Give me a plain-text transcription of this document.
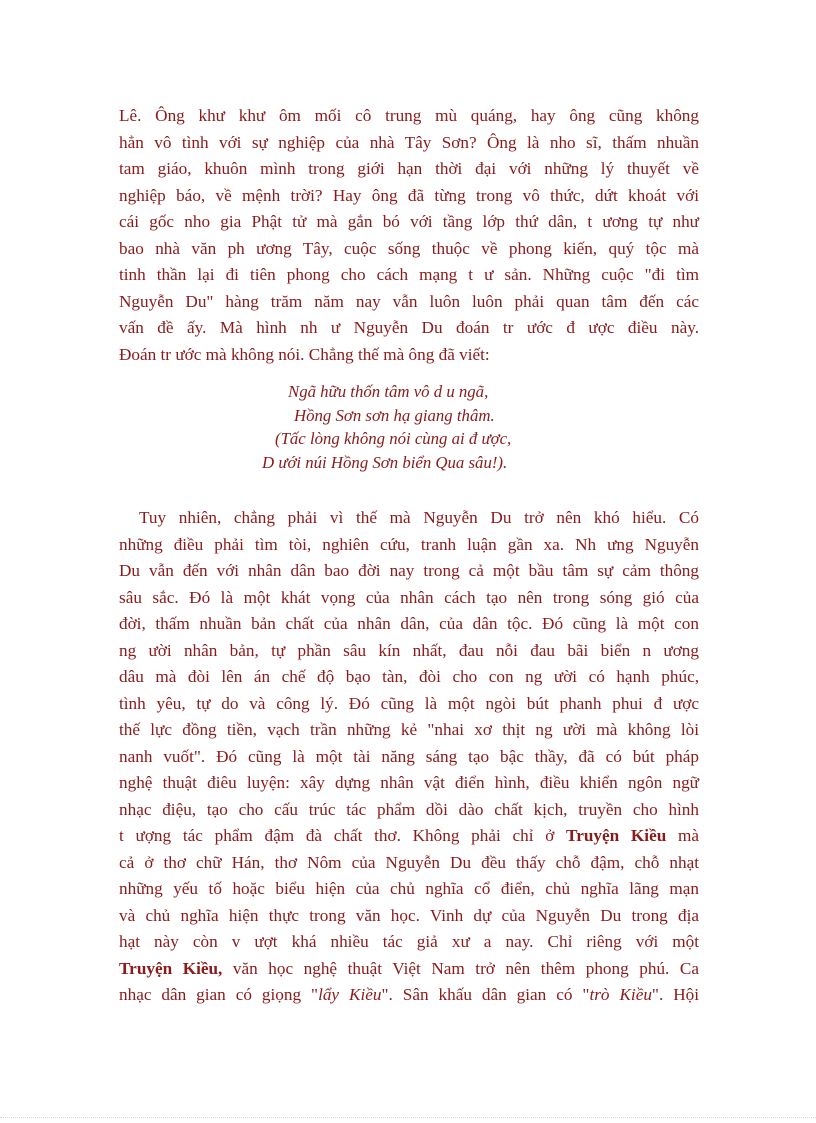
Lê. Ông khư khư ôm mối cô trung mù quáng, hay ông cũng không
hẳn vô tình với sự nghiệp của nhà Tây Sơn? Ông là nho sĩ, thấm nhuần
tam giáo, khuôn mình trong giới hạn thời đại với những lý thuyết về
nghiệp báo, về mệnh trời? Hay ông đã từng trong vô thức, dứt khoát với
cái gốc nho gia Phật tử mà gắn bó với tầng lớp thứ dân, t ương tự như
bao nhà văn ph ương Tây, cuộc sống thuộc về phong kiến, quý tộc mà
tinh thần lại đi tiên phong cho cách mạng t ư sản. Những cuộc "đi tìm
Nguyễn Du" hàng trăm năm nay vẫn luôn luôn phải quan tâm đến các
vấn đề ấy. Mà hình nh ư Nguyễn Du đoán tr ước đ ược điều này.
Đoán tr ước mà không nói. Chẳng thế mà ông đã viết:
Ngã hữu thốn tâm vô d u ngã,
Hồng Sơn sơn hạ giang thâm.
(Tấc lòng không nói cùng ai đ ược,
D ưới núi Hồng Sơn biển Qua sâu!).
Tuy nhiên, chẳng phải vì thế mà Nguyễn Du trở nên khó hiểu. Có
những điều phải tìm tòi, nghiên cứu, tranh luận gần xa. Nh ưng Nguyễn
Du vẫn đến với nhân dân bao đời nay trong cả một bầu tâm sự cảm thông
sâu sắc. Đó là một khát vọng của nhân cách tạo nên trong sóng gió của
đời, thấm nhuần bản chất của nhân dân, của dân tộc. Đó cũng là một con
ng ười nhân bản, tự phần sâu kín nhất, đau nỗi đau bãi biển n ương
dâu mà đòi lên án chế độ bạo tàn, đòi cho con ng ười có hạnh phúc,
tình yêu, tự do và công lý. Đó cũng là một ngòi bút phanh phui đ ược
thế lực đồng tiền, vạch trần những kẻ "nhai xơ thịt ng ười mà không lòi
nanh vuốt". Đó cũng là một tài năng sáng tạo bậc thầy, đã có bút pháp
nghệ thuật điêu luyện: xây dựng nhân vật điển hình, điều khiển ngôn ngữ
nhạc điệu, tạo cho cấu trúc tác phẩm dồi dào chất kịch, truyền cho hình
t ượng tác phẩm đậm đà chất thơ. Không phải chỉ ở Truyện Kiều mà
cả ở thơ chữ Hán, thơ Nôm của Nguyễn Du đều thấy chỗ đậm, chỗ nhạt
những yếu tố hoặc biểu hiện của chủ nghĩa cổ điển, chủ nghĩa lãng mạn
và chủ nghĩa hiện thực trong văn học. Vinh dự của Nguyễn Du trong địa
hạt này còn v ượt khá nhiều tác giả xư a nay. Chỉ riêng với một
Truyện Kiều, văn học nghệ thuật Việt Nam trở nên thêm phong phú. Ca
nhạc dân gian có giọng "lẩy Kiều". Sân khấu dân gian có "trò Kiều". Hội
